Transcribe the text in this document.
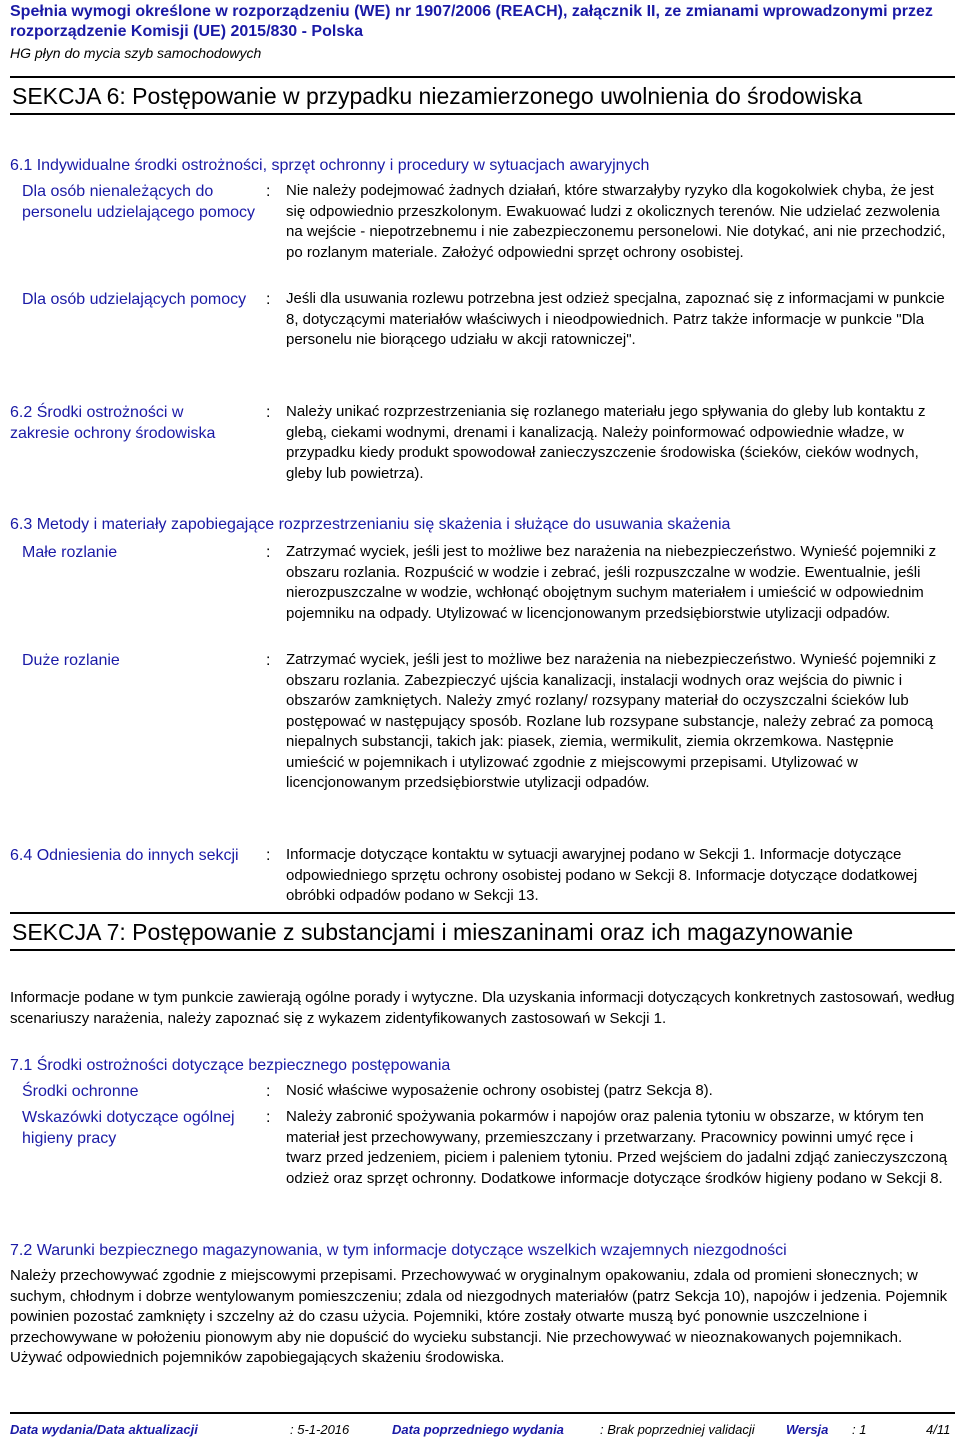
Spełnia wymogi określone w rozporządzeniu (WE) nr 1907/2006 (REACH), załącznik II, ze zmianami wprowadzonymi przez rozporządzenie Komisji (UE) 2015/830 - Polska
HG płyn do mycia szyb samochodowych
SEKCJA 6: Postępowanie w przypadku niezamierzonego uwolnienia do środowiska
6.1 Indywidualne środki ostrożności, sprzęt ochronny i procedury w sytuacjach awaryjnych
Dla osób nienależących do personelu udzielającego pomocy
: Nie należy podejmować żadnych działań, które stwarzałyby ryzyko dla kogokolwiek chyba, że jest się odpowiednio przeszkolonym. Ewakuować ludzi z okolicznych terenów. Nie udzielać zezwolenia na wejście - niepotrzebnemu i nie zabezpieczonemu personelowi. Nie dotykać, ani nie przechodzić, po rozlanym materiale. Założyć odpowiedni sprzęt ochrony osobistej.
Dla osób udzielających pomocy	: Jeśli dla usuwania rozlewu potrzebna jest odzież specjalna, zapoznać się z informacjami w punkcie 8, dotyczącymi materiałów właściwych i nieodpowiednich. Patrz także informacje w punkcie "Dla personelu nie biorącego udziału w akcji ratowniczej".
6.2 Środki ostrożności w zakresie ochrony środowiska
: Należy unikać rozprzestrzeniania się rozlanego materiału jego spływania do gleby lub kontaktu z glebą, ciekami wodnymi, drenami i kanalizacją. Należy poinformować odpowiednie władze, w przypadku kiedy produkt spowodował zanieczyszczenie środowiska (ścieków, cieków wodnych, gleby lub powietrza).
6.3 Metody i materiały zapobiegające rozprzestrzenianiu się skażenia i służące do usuwania skażenia
Małe rozlanie	: Zatrzymać wyciek, jeśli jest to możliwe bez narażenia na niebezpieczeństwo. Wynieść pojemniki z obszaru rozlania. Rozpuścić w wodzie i zebrać, jeśli rozpuszczalne w wodzie. Ewentualnie, jeśli nierozpuszczalne w wodzie, wchłonąć obojętnym suchym materiałem i umieścić w odpowiednim pojemniku na odpady. Utylizować w licencjonowanym przedsiębiorstwie utylizacji odpadów.
Duże rozlanie	: Zatrzymać wyciek, jeśli jest to możliwe bez narażenia na niebezpieczeństwo. Wynieść pojemniki z obszaru rozlania. Zabezpieczyć ujścia kanalizacji, instalacji wodnych oraz wejścia do piwnic i obszarów zamkniętych. Należy zmyć rozlany/ rozsypany materiał do oczyszczalni ścieków lub postępować w następujący sposób. Rozlane lub rozsypane substancje, należy zebrać za pomocą niepalnych substancji, takich jak: piasek, ziemia, wermikulit, ziemia okrzemkowa. Następnie umieścić w pojemnikach i utylizować zgodnie z miejscowymi przepisami. Utylizować w licencjonowanym przedsiębiorstwie utylizacji odpadów.
6.4 Odniesienia do innych sekcji	: Informacje dotyczące kontaktu w sytuacji awaryjnej podano w Sekcji 1. Informacje dotyczące odpowiedniego sprzętu ochrony osobistej podano w Sekcji 8. Informacje dotyczące dodatkowej obróbki odpadów podano w Sekcji 13.
SEKCJA 7: Postępowanie z substancjami i mieszaninami oraz ich magazynowanie
Informacje podane w tym punkcie zawierają ogólne porady i wytyczne. Dla uzyskania informacji dotyczących konkretnych zastosowań, według scenariuszy narażenia, należy zapoznać się z wykazem zidentyfikowanych zastosowań w Sekcji 1.
7.1 Środki ostrożności dotyczące bezpiecznego postępowania
Środki ochronne	: Nosić właściwe wyposażenie ochrony osobistej (patrz Sekcja 8).
Wskazówki dotyczące ogólnej higieny pracy
: Należy zabronić spożywania pokarmów i napojów oraz palenia tytoniu w obszarze, w którym ten materiał jest przechowywany, przemieszczany i przetwarzany. Pracownicy powinni umyć ręce i twarz przed jedzeniem, piciem i paleniem tytoniu. Przed wejściem do jadalni zdjąć zanieczyszczoną odzież oraz sprzęt ochronny. Dodatkowe informacje dotyczące środków higieny podano w Sekcji 8.
7.2 Warunki bezpiecznego magazynowania, w tym informacje dotyczące wszelkich wzajemnych niezgodności
Należy przechowywać zgodnie z miejscowymi przepisami. Przechowywać w oryginalnym opakowaniu, zdala od promieni słonecznych; w suchym, chłodnym i dobrze wentylowanym pomieszczeniu; zdala od niezgodnych materiałów (patrz Sekcja 10), napojów i jedzenia. Pojemnik powinien pozostać zamknięty i szczelny aż do czasu użycia. Pojemniki, które zostały otwarte muszą być ponownie uszczelnione i przechowywane w położeniu pionowym aby nie dopuścić do wycieku substancji. Nie przechowywać w nieoznakowanych pojemnikach. Używać odpowiednich pojemników zapobiegających skażeniu środowiska.
Data wydania/Data aktualizacji	: 5-1-2016	Data poprzedniego wydania	: Brak poprzedniej validacji Wersja : 1	4/11
